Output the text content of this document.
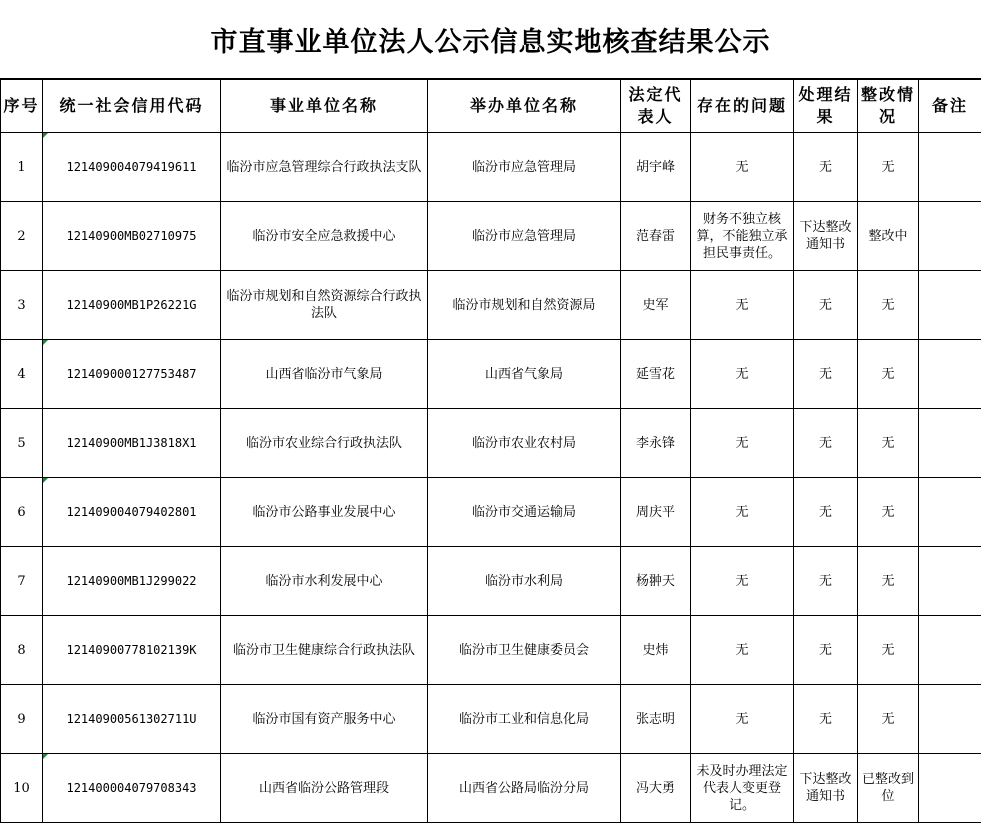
市直事业单位法人公示信息实地核查结果公示
序号	统一社会信用代码	事业单位名称	举办单位名称	法定代表人	存在的问题	处理结果	整改情况	备注
1	121409004079419611	临汾市应急管理综合行政执法支队	临汾市应急管理局	胡宇峰	无	无	无	
2	12140900MB02710975	临汾市安全应急救援中心	临汾市应急管理局	范春雷	财务不独立核算，不能独立承担民事责任。	下达整改通知书	整改中	
3	12140900MB1P26221G	临汾市规划和自然资源综合行政执法队	临汾市规划和自然资源局	史军	无	无	无	
4	121409000127753487	山西省临汾市气象局	山西省气象局	延雪花	无	无	无	
5	12140900MB1J3818X1	临汾市农业综合行政执法队	临汾市农业农村局	李永锋	无	无	无	
6	121409004079402801	临汾市公路事业发展中心	临汾市交通运输局	周庆平	无	无	无	
7	12140900MB1J299022	临汾市水利发展中心	临汾市水利局	杨翀天	无	无	无	
8	12140900778102139K	临汾市卫生健康综合行政执法队	临汾市卫生健康委员会	史炜	无	无	无	
9	12140900561302711U	临汾市国有资产服务中心	临汾市工业和信息化局	张志明	无	无	无	
10	121400004079708343	山西省临汾公路管理段	山西省公路局临汾分局	冯大勇	未及时办理法定代表人变更登记。	下达整改通知书	已整改到位	
